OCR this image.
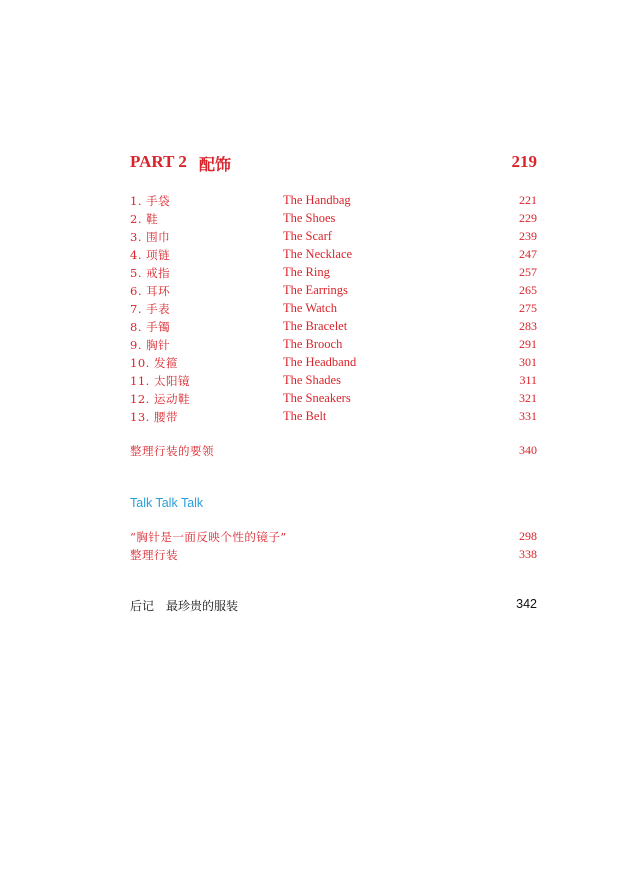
PART 2 配饰	219
1. 手袋	The Handbag	221
2. 鞋	The Shoes	229
3. 围巾	The Scarf	239
4. 项链	The Necklace	247
5. 戒指	The Ring	257
6. 耳环	The Earrings	265
7. 手表	The Watch	275
8. 手镯	The Bracelet	283
9. 胸针	The Brooch	291
10. 发箍	The Headband	301
11. 太阳镜	The Shades	311
12. 运动鞋	The Sneakers	321
13. 腰带	The Belt	331
整理行装的要领	340
Talk Talk Talk
“胸针是一面反映个性的镜子”	298
整理行装	338
后记　最珍贵的服装	342
